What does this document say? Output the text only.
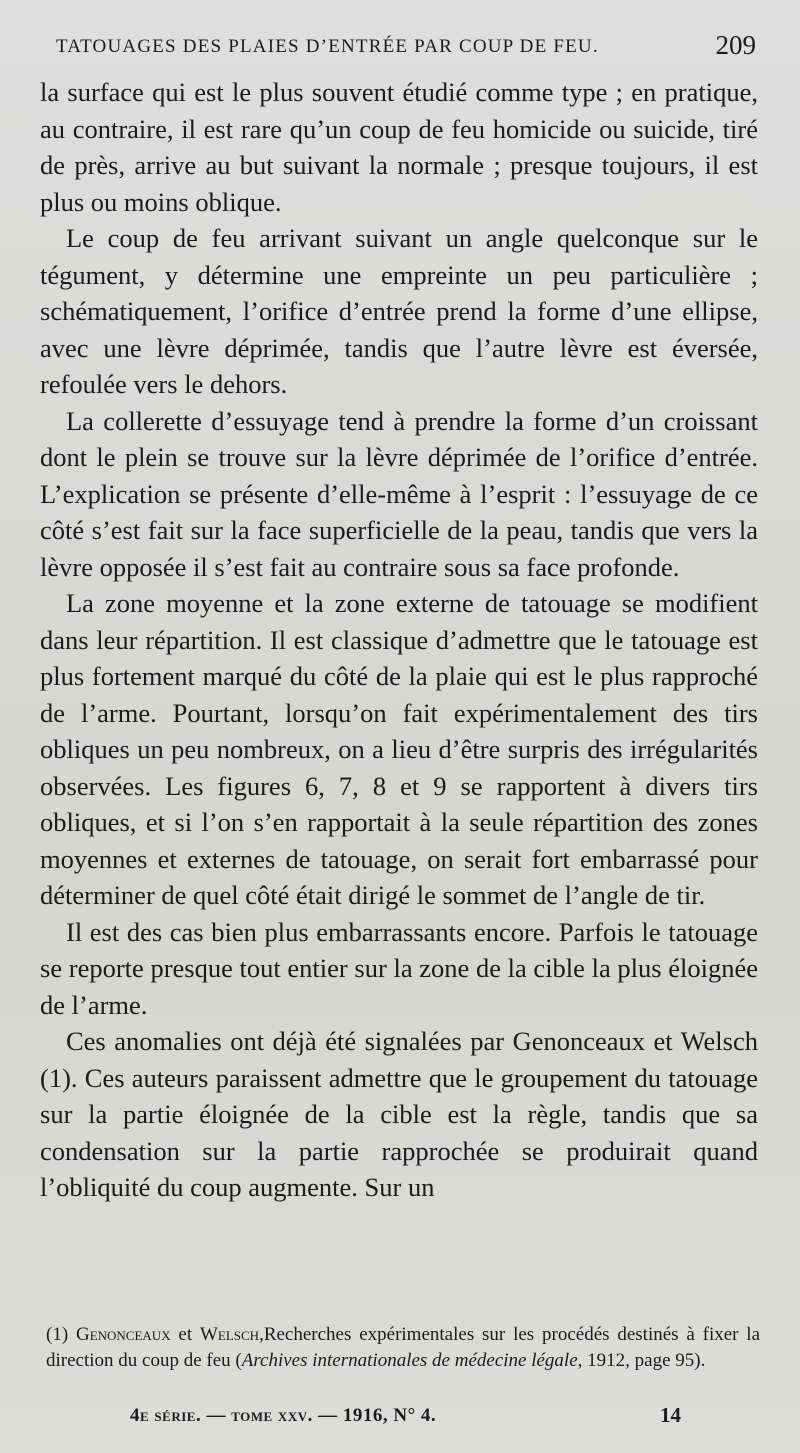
TATOUAGES DES PLAIES D’ENTRÉE PAR COUP DE FEU.	209

la surface qui est le plus souvent étudié comme type ; en pratique, au contraire, il est rare qu’un coup de feu homicide ou suicide, tiré de près, arrive au but suivant la normale ; presque toujours, il est plus ou moins oblique.

Le coup de feu arrivant suivant un angle quelconque sur le tégument, y détermine une empreinte un peu particulière ; schématiquement, l’orifice d’entrée prend la forme d’une ellipse, avec une lèvre déprimée, tandis que l’autre lèvre est éversée, refoulée vers le dehors.

La collerette d’essuyage tend à prendre la forme d’un croissant dont le plein se trouve sur la lèvre déprimée de l’orifice d’entrée. L’explication se présente d’elle-même à l’esprit : l’essuyage de ce côté s’est fait sur la face superficielle de la peau, tandis que vers la lèvre opposée il s’est fait au contraire sous sa face profonde.

La zone moyenne et la zone externe de tatouage se modifient dans leur répartition. Il est classique d’admettre que le tatouage est plus fortement marqué du côté de la plaie qui est le plus rapproché de l’arme. Pourtant, lorsqu’on fait expérimentalement des tirs obliques un peu nombreux, on a lieu d’être surpris des irrégularités observées. Les figures 6, 7, 8 et 9 se rapportent à divers tirs obliques, et si l’on s’en rapportait à la seule répartition des zones moyennes et externes de tatouage, on serait fort embarrassé pour déterminer de quel côté était dirigé le sommet de l’angle de tir.

Il est des cas bien plus embarrassants encore. Parfois le tatouage se reporte presque tout entier sur la zone de la cible la plus éloignée de l’arme.

Ces anomalies ont déjà été signalées par Genonceaux et Welsch (1). Ces auteurs paraissent admettre que le groupement du tatouage sur la partie éloignée de la cible est la règle, tandis que sa condensation sur la partie rapprochée se produirait quand l’obliquité du coup augmente. Sur un

(1) Genonceaux et Welsch,Recherches expérimentales sur les procédés destinés à fixer la direction du coup de feu (Archives internationales de médecine légale, 1912, page 95).
4e série. — tome xxv. — 1916, N° 4.	14
